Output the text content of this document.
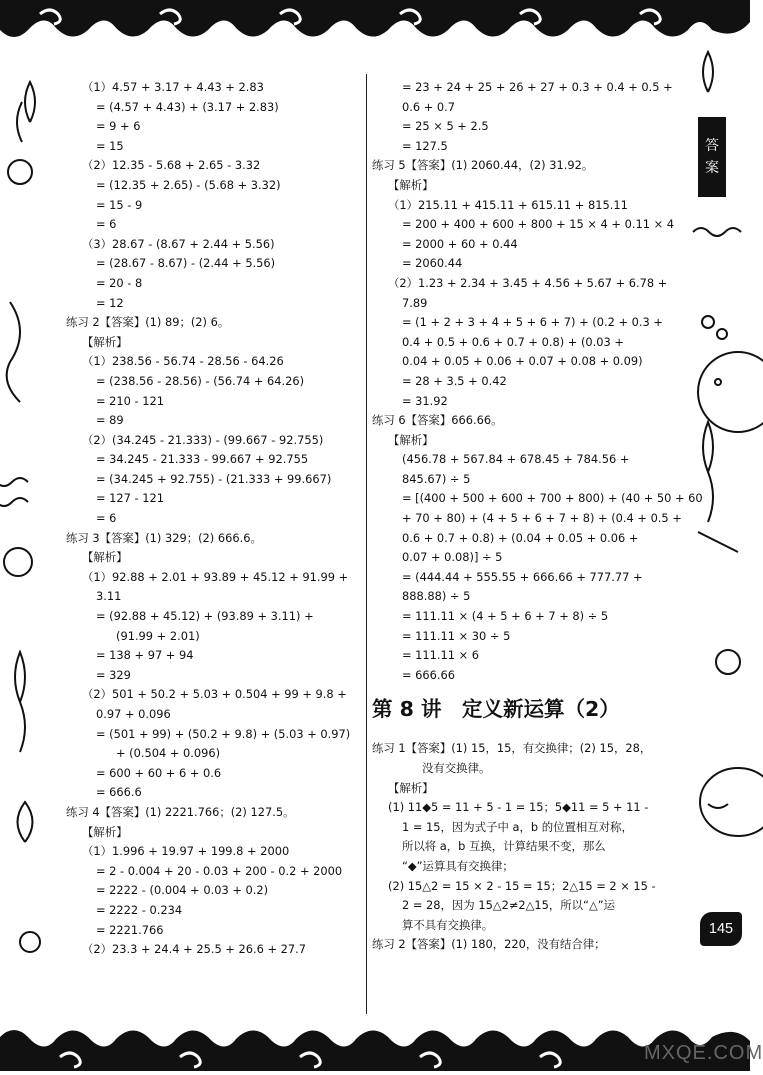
答
案
145
（1）4.57 + 3.17 + 4.43 + 2.83
= (4.57 + 4.43) + (3.17 + 2.83)
= 9 + 6
= 15
（2）12.35 - 5.68 + 2.65 - 3.32
= (12.35 + 2.65) - (5.68 + 3.32)
= 15 - 9
= 6
（3）28.67 - (8.67 + 2.44 + 5.56)
= (28.67 - 8.67) - (2.44 + 5.56)
= 20 - 8
= 12
练习 2【答案】(1) 89；(2) 6。
【解析】
（1）238.56 - 56.74 - 28.56 - 64.26
= (238.56 - 28.56) - (56.74 + 64.26)
= 210 - 121
= 89
（2）(34.245 - 21.333) - (99.667 - 92.755)
= 34.245 - 21.333 - 99.667 + 92.755
= (34.245 + 92.755) - (21.333 + 99.667)
= 127 - 121
= 6
练习 3【答案】(1) 329；(2) 666.6。
【解析】
（1）92.88 + 2.01 + 93.89 + 45.12 + 91.99 +
3.11
= (92.88 + 45.12) + (93.89 + 3.11) +
(91.99 + 2.01)
= 138 + 97 + 94
= 329
（2）501 + 50.2 + 5.03 + 0.504 + 99 + 9.8 +
0.97 + 0.096
= (501 + 99) + (50.2 + 9.8) + (5.03 + 0.97)
+ (0.504 + 0.096)
= 600 + 60 + 6 + 0.6
= 666.6
练习 4【答案】(1) 2221.766；(2) 127.5。
【解析】
（1）1.996 + 19.97 + 199.8 + 2000
= 2 - 0.004 + 20 - 0.03 + 200 - 0.2 + 2000
= 2222 - (0.004 + 0.03 + 0.2)
= 2222 - 0.234
= 2221.766
（2）23.3 + 24.4 + 25.5 + 26.6 + 27.7
= 23 + 24 + 25 + 26 + 27 + 0.3 + 0.4 + 0.5 +
0.6 + 0.7
= 25 × 5 + 2.5
= 127.5
练习 5【答案】(1) 2060.44，(2) 31.92。
【解析】
（1）215.11 + 415.11 + 615.11 + 815.11
= 200 + 400 + 600 + 800 + 15 × 4 + 0.11 × 4
= 2000 + 60 + 0.44
= 2060.44
（2）1.23 + 2.34 + 3.45 + 4.56 + 5.67 + 6.78 +
7.89
= (1 + 2 + 3 + 4 + 5 + 6 + 7) + (0.2 + 0.3 +
0.4 + 0.5 + 0.6 + 0.7 + 0.8) + (0.03 +
0.04 + 0.05 + 0.06 + 0.07 + 0.08 + 0.09)
= 28 + 3.5 + 0.42
= 31.92
练习 6【答案】666.66。
【解析】
(456.78 + 567.84 + 678.45 + 784.56 +
845.67) ÷ 5
= [(400 + 500 + 600 + 700 + 800) + (40 + 50 + 60
+ 70 + 80) + (4 + 5 + 6 + 7 + 8) + (0.4 + 0.5 +
0.6 + 0.7 + 0.8) + (0.04 + 0.05 + 0.06 +
0.07 + 0.08)] ÷ 5
= (444.44 + 555.55 + 666.66 + 777.77 +
888.88) ÷ 5
= 111.11 × (4 + 5 + 6 + 7 + 8) ÷ 5
= 111.11 × 30 ÷ 5
= 111.11 × 6
= 666.66
第 8 讲　定义新运算（2）
练习 1【答案】(1) 15，15，有交换律；(2) 15，28，
没有交换律。
【解析】
(1) 11◆5 = 11 + 5 - 1 = 15；5◆11 = 5 + 11 -
1 = 15，因为式子中 a，b 的位置相互对称，
所以将 a，b 互换，计算结果不变，那么
“◆”运算具有交换律；
(2) 15△2 = 15 × 2 - 15 = 15；2△15 = 2 × 15 -
2 = 28，因为 15△2≠2△15，所以“△”运
算不具有交换律。
练习 2【答案】(1) 180，220，没有结合律；
MXQE.COM
